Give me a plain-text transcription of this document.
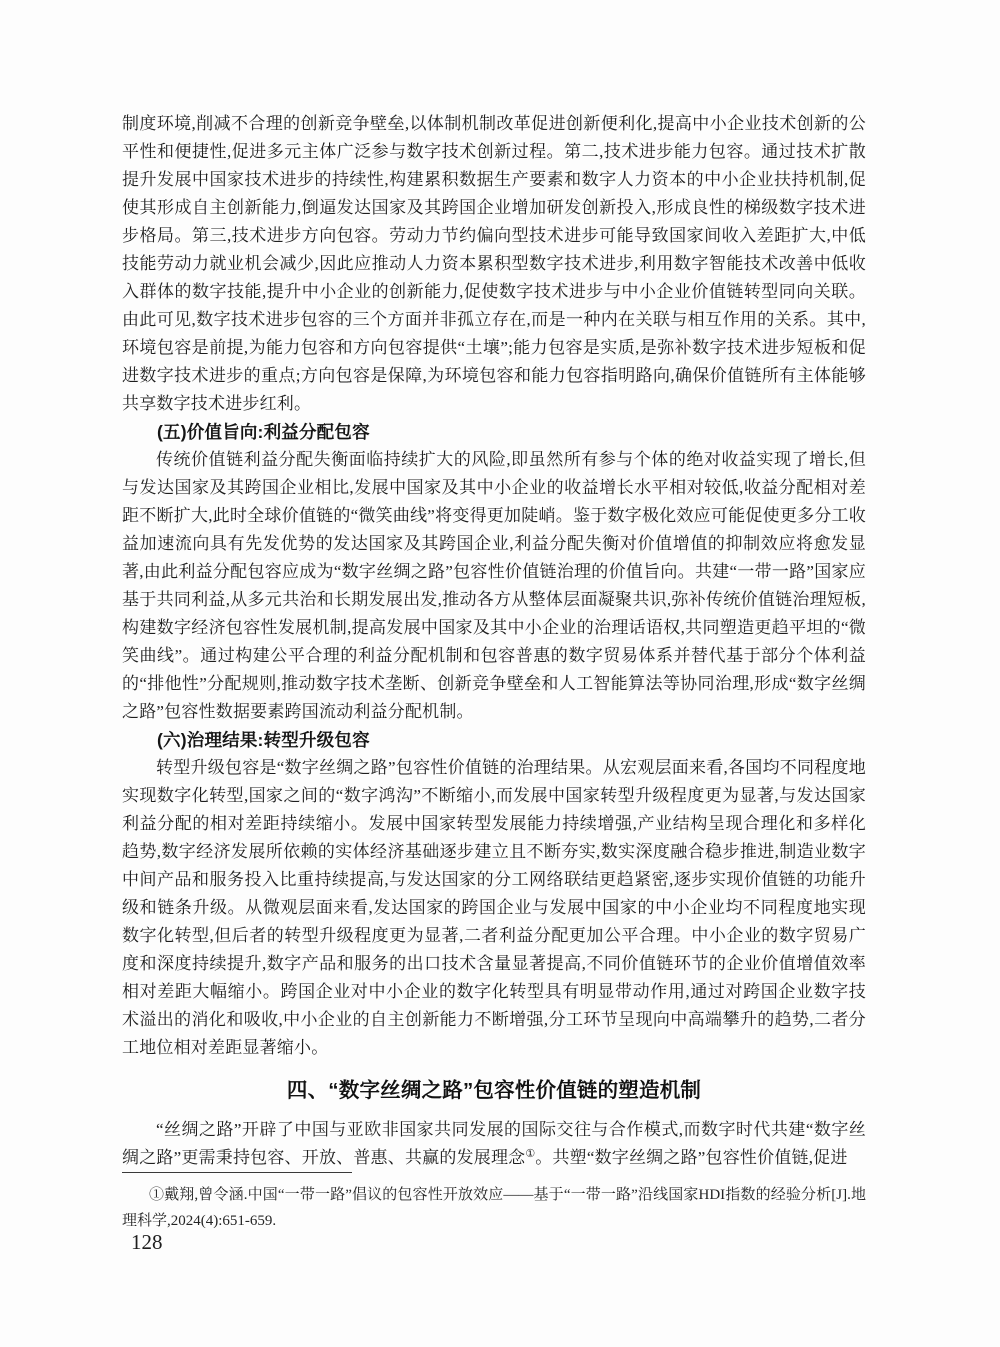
制度环境,削减不合理的创新竞争壁垒,以体制机制改革促进创新便利化,提高中小企业技术创新的公平性和便捷性,促进多元主体广泛参与数字技术创新过程。第二,技术进步能力包容。通过技术扩散提升发展中国家技术进步的持续性,构建累积数据生产要素和数字人力资本的中小企业扶持机制,促使其形成自主创新能力,倒逼发达国家及其跨国企业增加研发创新投入,形成良性的梯级数字技术进步格局。第三,技术进步方向包容。劳动力节约偏向型技术进步可能导致国家间收入差距扩大,中低技能劳动力就业机会减少,因此应推动人力资本累积型数字技术进步,利用数字智能技术改善中低收入群体的数字技能,提升中小企业的创新能力,促使数字技术进步与中小企业价值链转型同向关联。由此可见,数字技术进步包容的三个方面并非孤立存在,而是一种内在关联与相互作用的关系。其中,环境包容是前提,为能力包容和方向包容提供“土壤”;能力包容是实质,是弥补数字技术进步短板和促进数字技术进步的重点;方向包容是保障,为环境包容和能力包容指明路向,确保价值链所有主体能够共享数字技术进步红利。

(五)价值旨向:利益分配包容

传统价值链利益分配失衡面临持续扩大的风险,即虽然所有参与个体的绝对收益实现了增长,但与发达国家及其跨国企业相比,发展中国家及其中小企业的收益增长水平相对较低,收益分配相对差距不断扩大,此时全球价值链的“微笑曲线”将变得更加陡峭。鉴于数字极化效应可能促使更多分工收益加速流向具有先发优势的发达国家及其跨国企业,利益分配失衡对价值增值的抑制效应将愈发显著,由此利益分配包容应成为“数字丝绸之路”包容性价值链治理的价值旨向。共建“一带一路”国家应基于共同利益,从多元共治和长期发展出发,推动各方从整体层面凝聚共识,弥补传统价值链治理短板,构建数字经济包容性发展机制,提高发展中国家及其中小企业的治理话语权,共同塑造更趋平坦的“微笑曲线”。通过构建公平合理的利益分配机制和包容普惠的数字贸易体系并替代基于部分个体利益的“排他性”分配规则,推动数字技术垄断、创新竞争壁垒和人工智能算法等协同治理,形成“数字丝绸之路”包容性数据要素跨国流动利益分配机制。

(六)治理结果:转型升级包容

转型升级包容是“数字丝绸之路”包容性价值链的治理结果。从宏观层面来看,各国均不同程度地实现数字化转型,国家之间的“数字鸿沟”不断缩小,而发展中国家转型升级程度更为显著,与发达国家利益分配的相对差距持续缩小。发展中国家转型发展能力持续增强,产业结构呈现合理化和多样化趋势,数字经济发展所依赖的实体经济基础逐步建立且不断夯实,数实深度融合稳步推进,制造业数字中间产品和服务投入比重持续提高,与发达国家的分工网络联结更趋紧密,逐步实现价值链的功能升级和链条升级。从微观层面来看,发达国家的跨国企业与发展中国家的中小企业均不同程度地实现数字化转型,但后者的转型升级程度更为显著,二者利益分配更加公平合理。中小企业的数字贸易广度和深度持续提升,数字产品和服务的出口技术含量显著提高,不同价值链环节的企业价值增值效率相对差距大幅缩小。跨国企业对中小企业的数字化转型具有明显带动作用,通过对跨国企业数字技术溢出的消化和吸收,中小企业的自主创新能力不断增强,分工环节呈现向中高端攀升的趋势,二者分工地位相对差距显著缩小。

四、“数字丝绸之路”包容性价值链的塑造机制

“丝绸之路”开辟了中国与亚欧非国家共同发展的国际交往与合作模式,而数字时代共建“数字丝绸之路”更需秉持包容、开放、普惠、共赢的发展理念①。共塑“数字丝绸之路”包容性价值链,促进

①戴翔,曾令涵.中国“一带一路”倡议的包容性开放效应——基于“一带一路”沿线国家HDI指数的经验分析[J].地理科学,2024(4):651-659.

128
